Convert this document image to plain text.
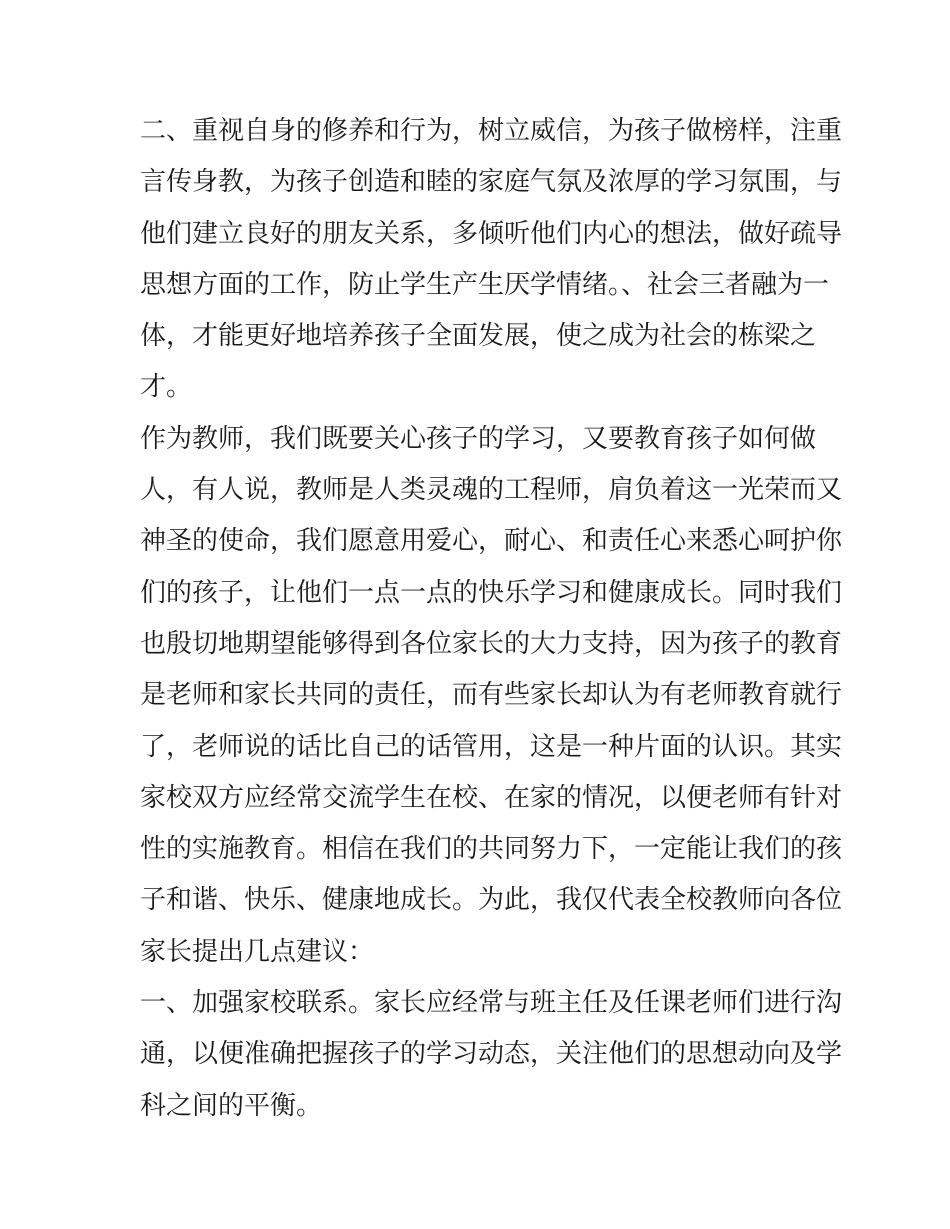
二、重视自身的修养和行为，树立威信，为孩子做榜样，注重
言传身教，为孩子创造和睦的家庭气氛及浓厚的学习氛围，与
他们建立良好的朋友关系，多倾听他们内心的想法，做好疏导
思想方面的工作，防止学生产生厌学情绪。、社会三者融为一
体，才能更好地培养孩子全面发展，使之成为社会的栋梁之
才。
作为教师，我们既要关心孩子的学习，又要教育孩子如何做
人，有人说，教师是人类灵魂的工程师，肩负着这一光荣而又
神圣的使命，我们愿意用爱心，耐心、和责任心来悉心呵护你
们的孩子，让他们一点一点的快乐学习和健康成长。同时我们
也殷切地期望能够得到各位家长的大力支持，因为孩子的教育
是老师和家长共同的责任，而有些家长却认为有老师教育就行
了，老师说的话比自己的话管用，这是一种片面的认识。其实
家校双方应经常交流学生在校、在家的情况，以便老师有针对
性的实施教育。相信在我们的共同努力下，一定能让我们的孩
子和谐、快乐、健康地成长。为此，我仅代表全校教师向各位
家长提出几点建议：
一、加强家校联系。家长应经常与班主任及任课老师们进行沟
通，以便准确把握孩子的学习动态，关注他们的思想动向及学
科之间的平衡。
